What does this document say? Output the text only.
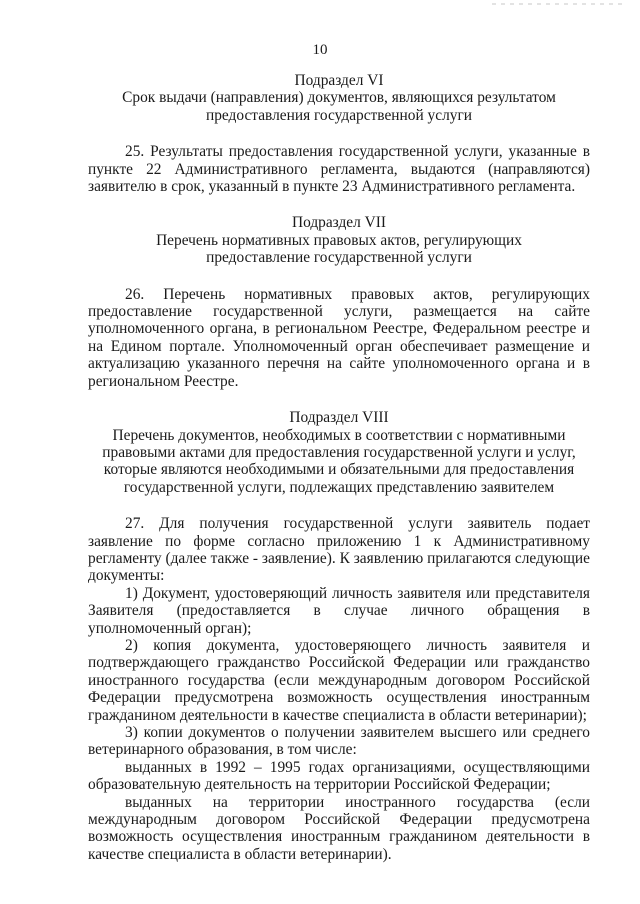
10
Подраздел VI
Срок выдачи (направления) документов, являющихся результатом
предоставления государственной услуги

25. Результаты предоставления государственной услуги, указанные в пункте 22 Административного регламента, выдаются (направляются) заявителю в срок, указанный в пункте 23 Административного регламента.

Подраздел VII
Перечень нормативных правовых актов, регулирующих
предоставление государственной услуги

26. Перечень нормативных правовых актов, регулирующих предоставление государственной услуги, размещается на сайте уполномоченного органа, в региональном Реестре, Федеральном реестре и на Едином портале. Уполномоченный орган обеспечивает размещение и актуализацию указанного перечня на сайте уполномоченного органа и в региональном Реестре.

Подраздел VIII
Перечень документов, необходимых в соответствии с нормативными
правовыми актами для предоставления государственной услуги и услуг,
которые являются необходимыми и обязательными для предоставления
государственной услуги, подлежащих представлению заявителем

27. Для получения государственной услуги заявитель подает заявление по форме согласно приложению 1 к Административному регламенту (далее также - заявление). К заявлению прилагаются следующие документы:

1) Документ, удостоверяющий личность заявителя или представителя Заявителя (предоставляется в случае личного обращения в уполномоченный орган);

2) копия документа, удостоверяющего личность заявителя и подтверждающего гражданство Российской Федерации или гражданство иностранного государства (если международным договором Российской Федерации предусмотрена возможность осуществления иностранным гражданином деятельности в качестве специалиста в области ветеринарии);

3) копии документов о получении заявителем высшего или среднего ветеринарного образования, в том числе:

выданных в 1992 – 1995 годах организациями, осуществляющими образовательную деятельность на территории Российской Федерации;

выданных на территории иностранного государства (если международным договором Российской Федерации предусмотрена возможность осуществления иностранным гражданином деятельности в качестве специалиста в области ветеринарии).
